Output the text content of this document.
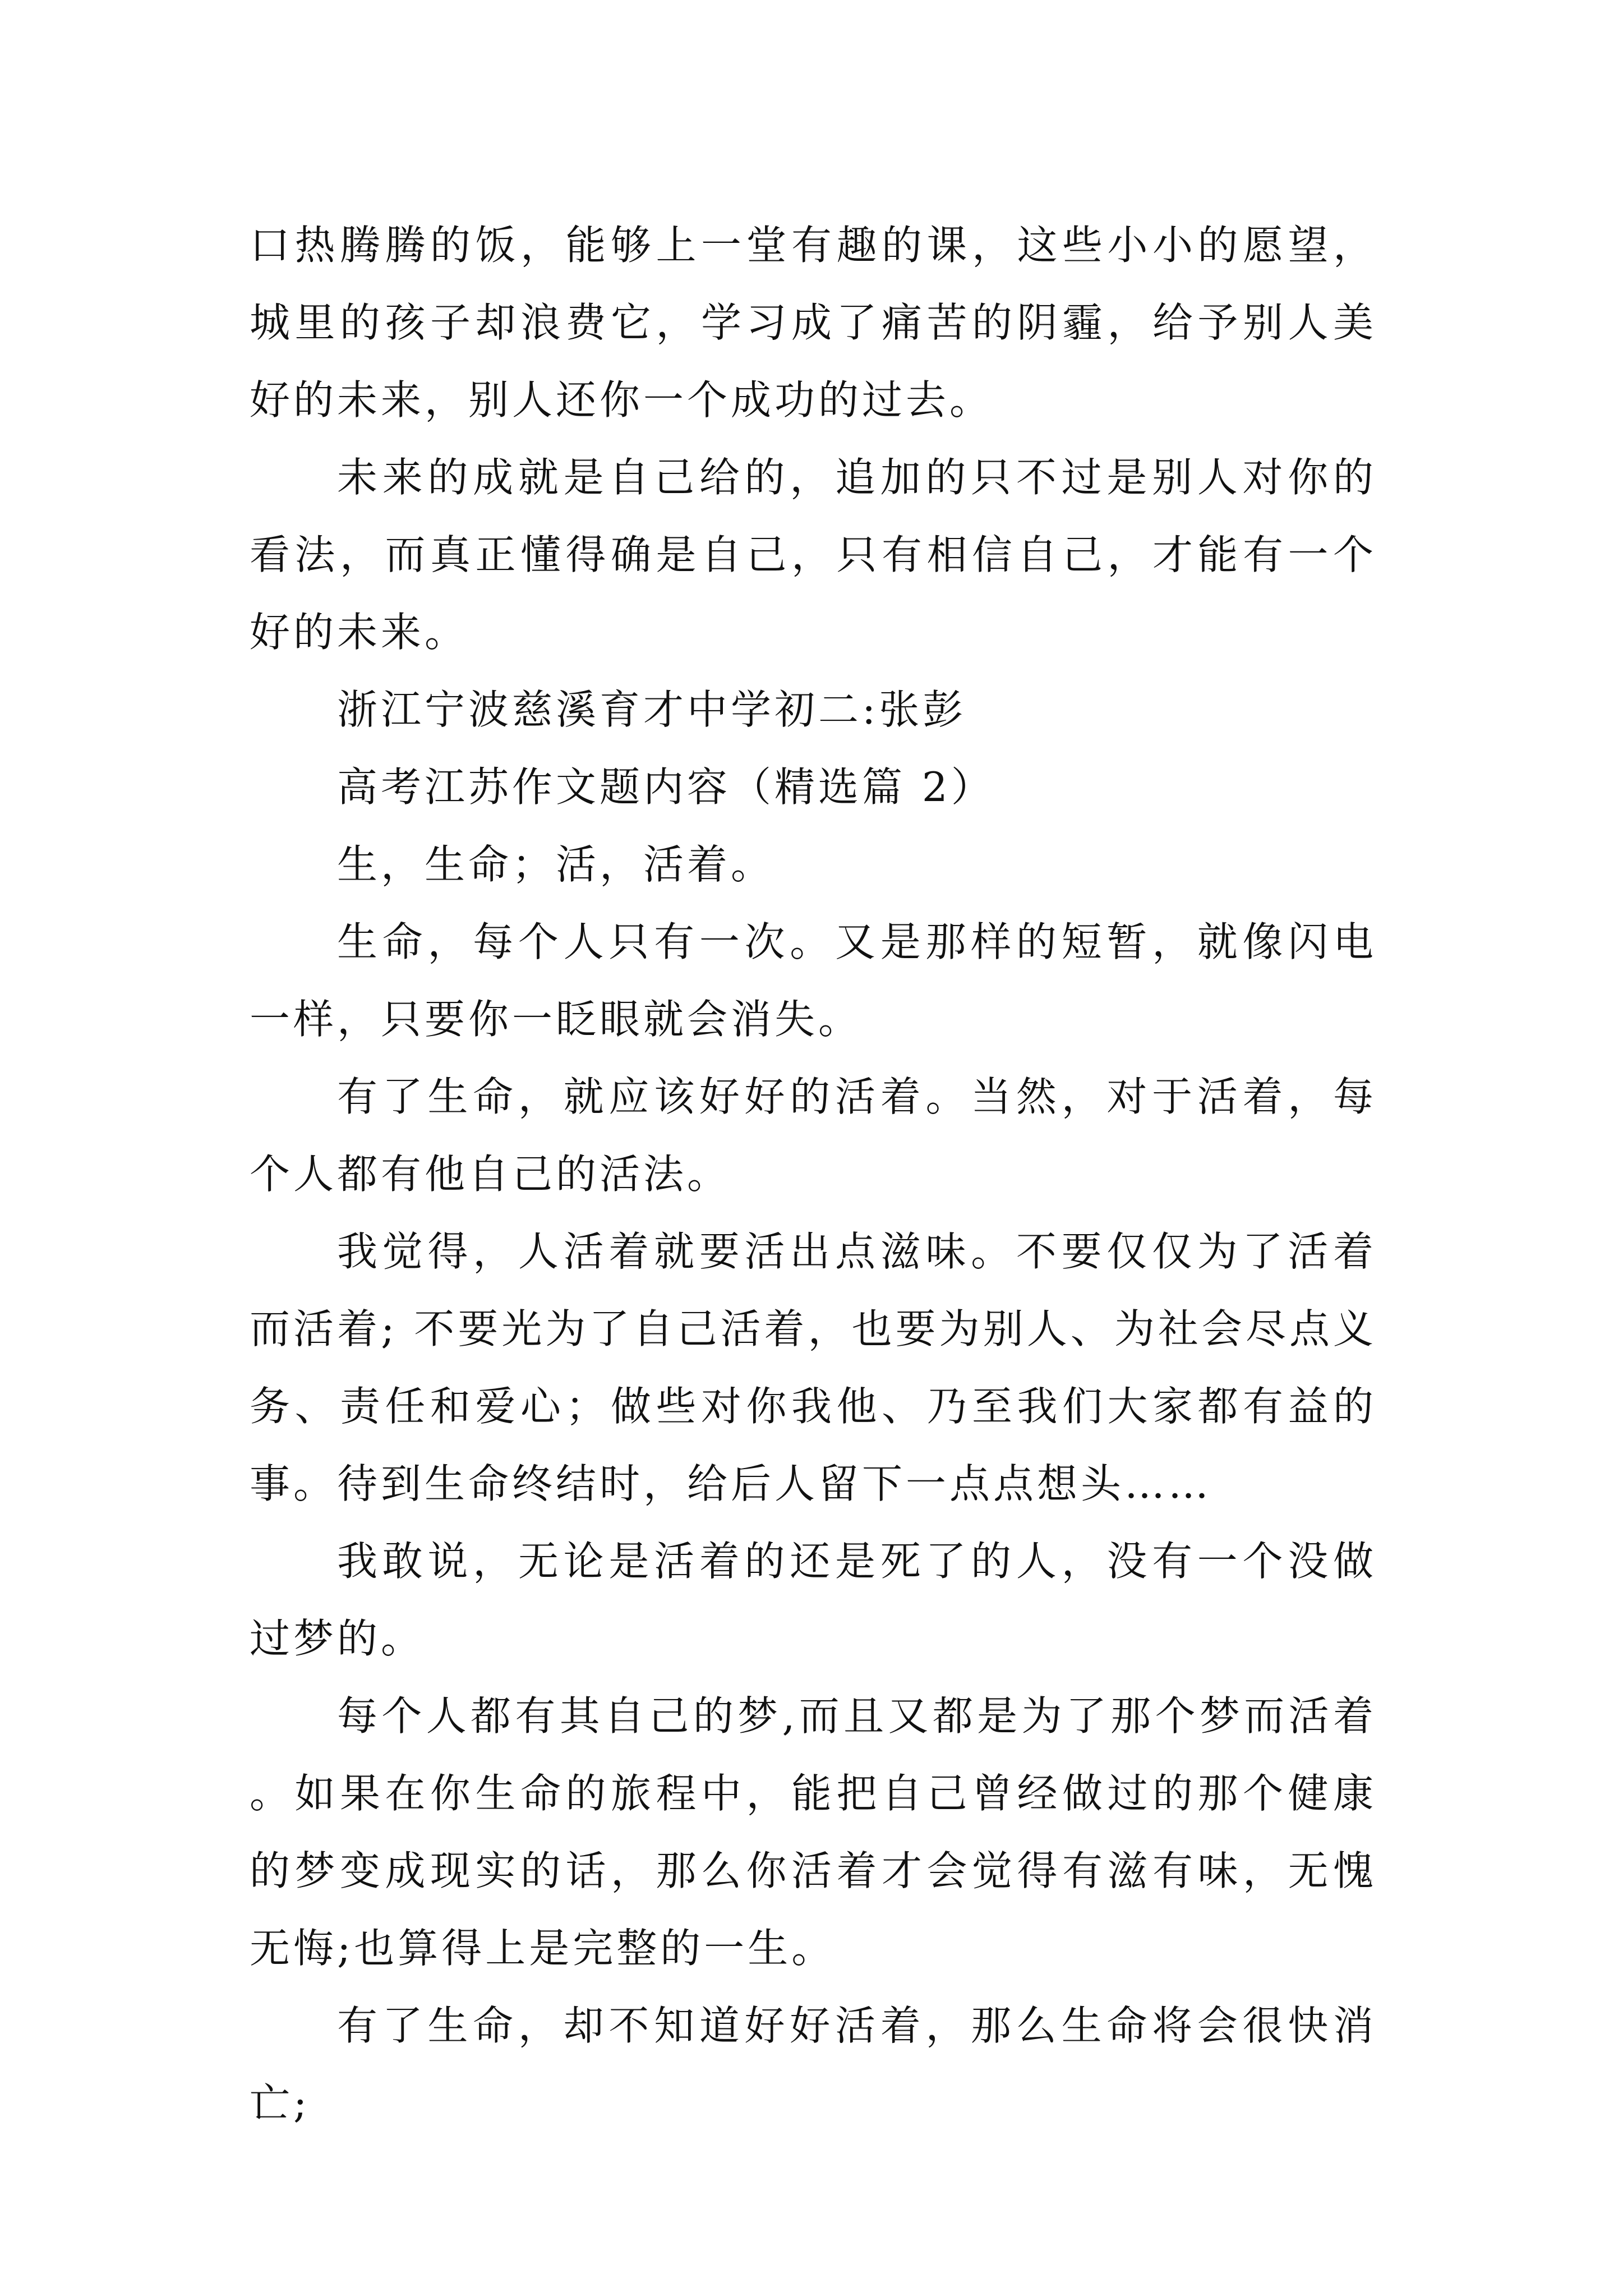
口热腾腾的饭，能够上一堂有趣的课，这些小小的愿望，城里的孩子却浪费它，学习成了痛苦的阴霾，给予别人美好的未来，别人还你一个成功的过去。

未来的成就是自己给的，追加的只不过是别人对你的看法，而真正懂得确是自己，只有相信自己，才能有一个好的未来。

浙江宁波慈溪育才中学初二:张彭

高考江苏作文题内容（精选篇 2）

生，生命；活，活着。

生命，每个人只有一次。又是那样的短暂，就像闪电一样，只要你一眨眼就会消失。

有了生命，就应该好好的活着。当然，对于活着，每个人都有他自己的活法。

我觉得，人活着就要活出点滋味。不要仅仅为了活着而活着; 不要光为了自己活着，也要为别人、为社会尽点义务、责任和爱心；做些对你我他、乃至我们大家都有益的事。待到生命终结时，给后人留下一点点想头……

我敢说，无论是活着的还是死了的人，没有一个没做过梦的。

每个人都有其自己的梦,而且又都是为了那个梦而活着。如果在你生命的旅程中，能把自己曾经做过的那个健康的梦变成现实的话，那么你活着才会觉得有滋有味，无愧无悔;也算得上是完整的一生。

有了生命，却不知道好好活着，那么生命将会很快消亡;
